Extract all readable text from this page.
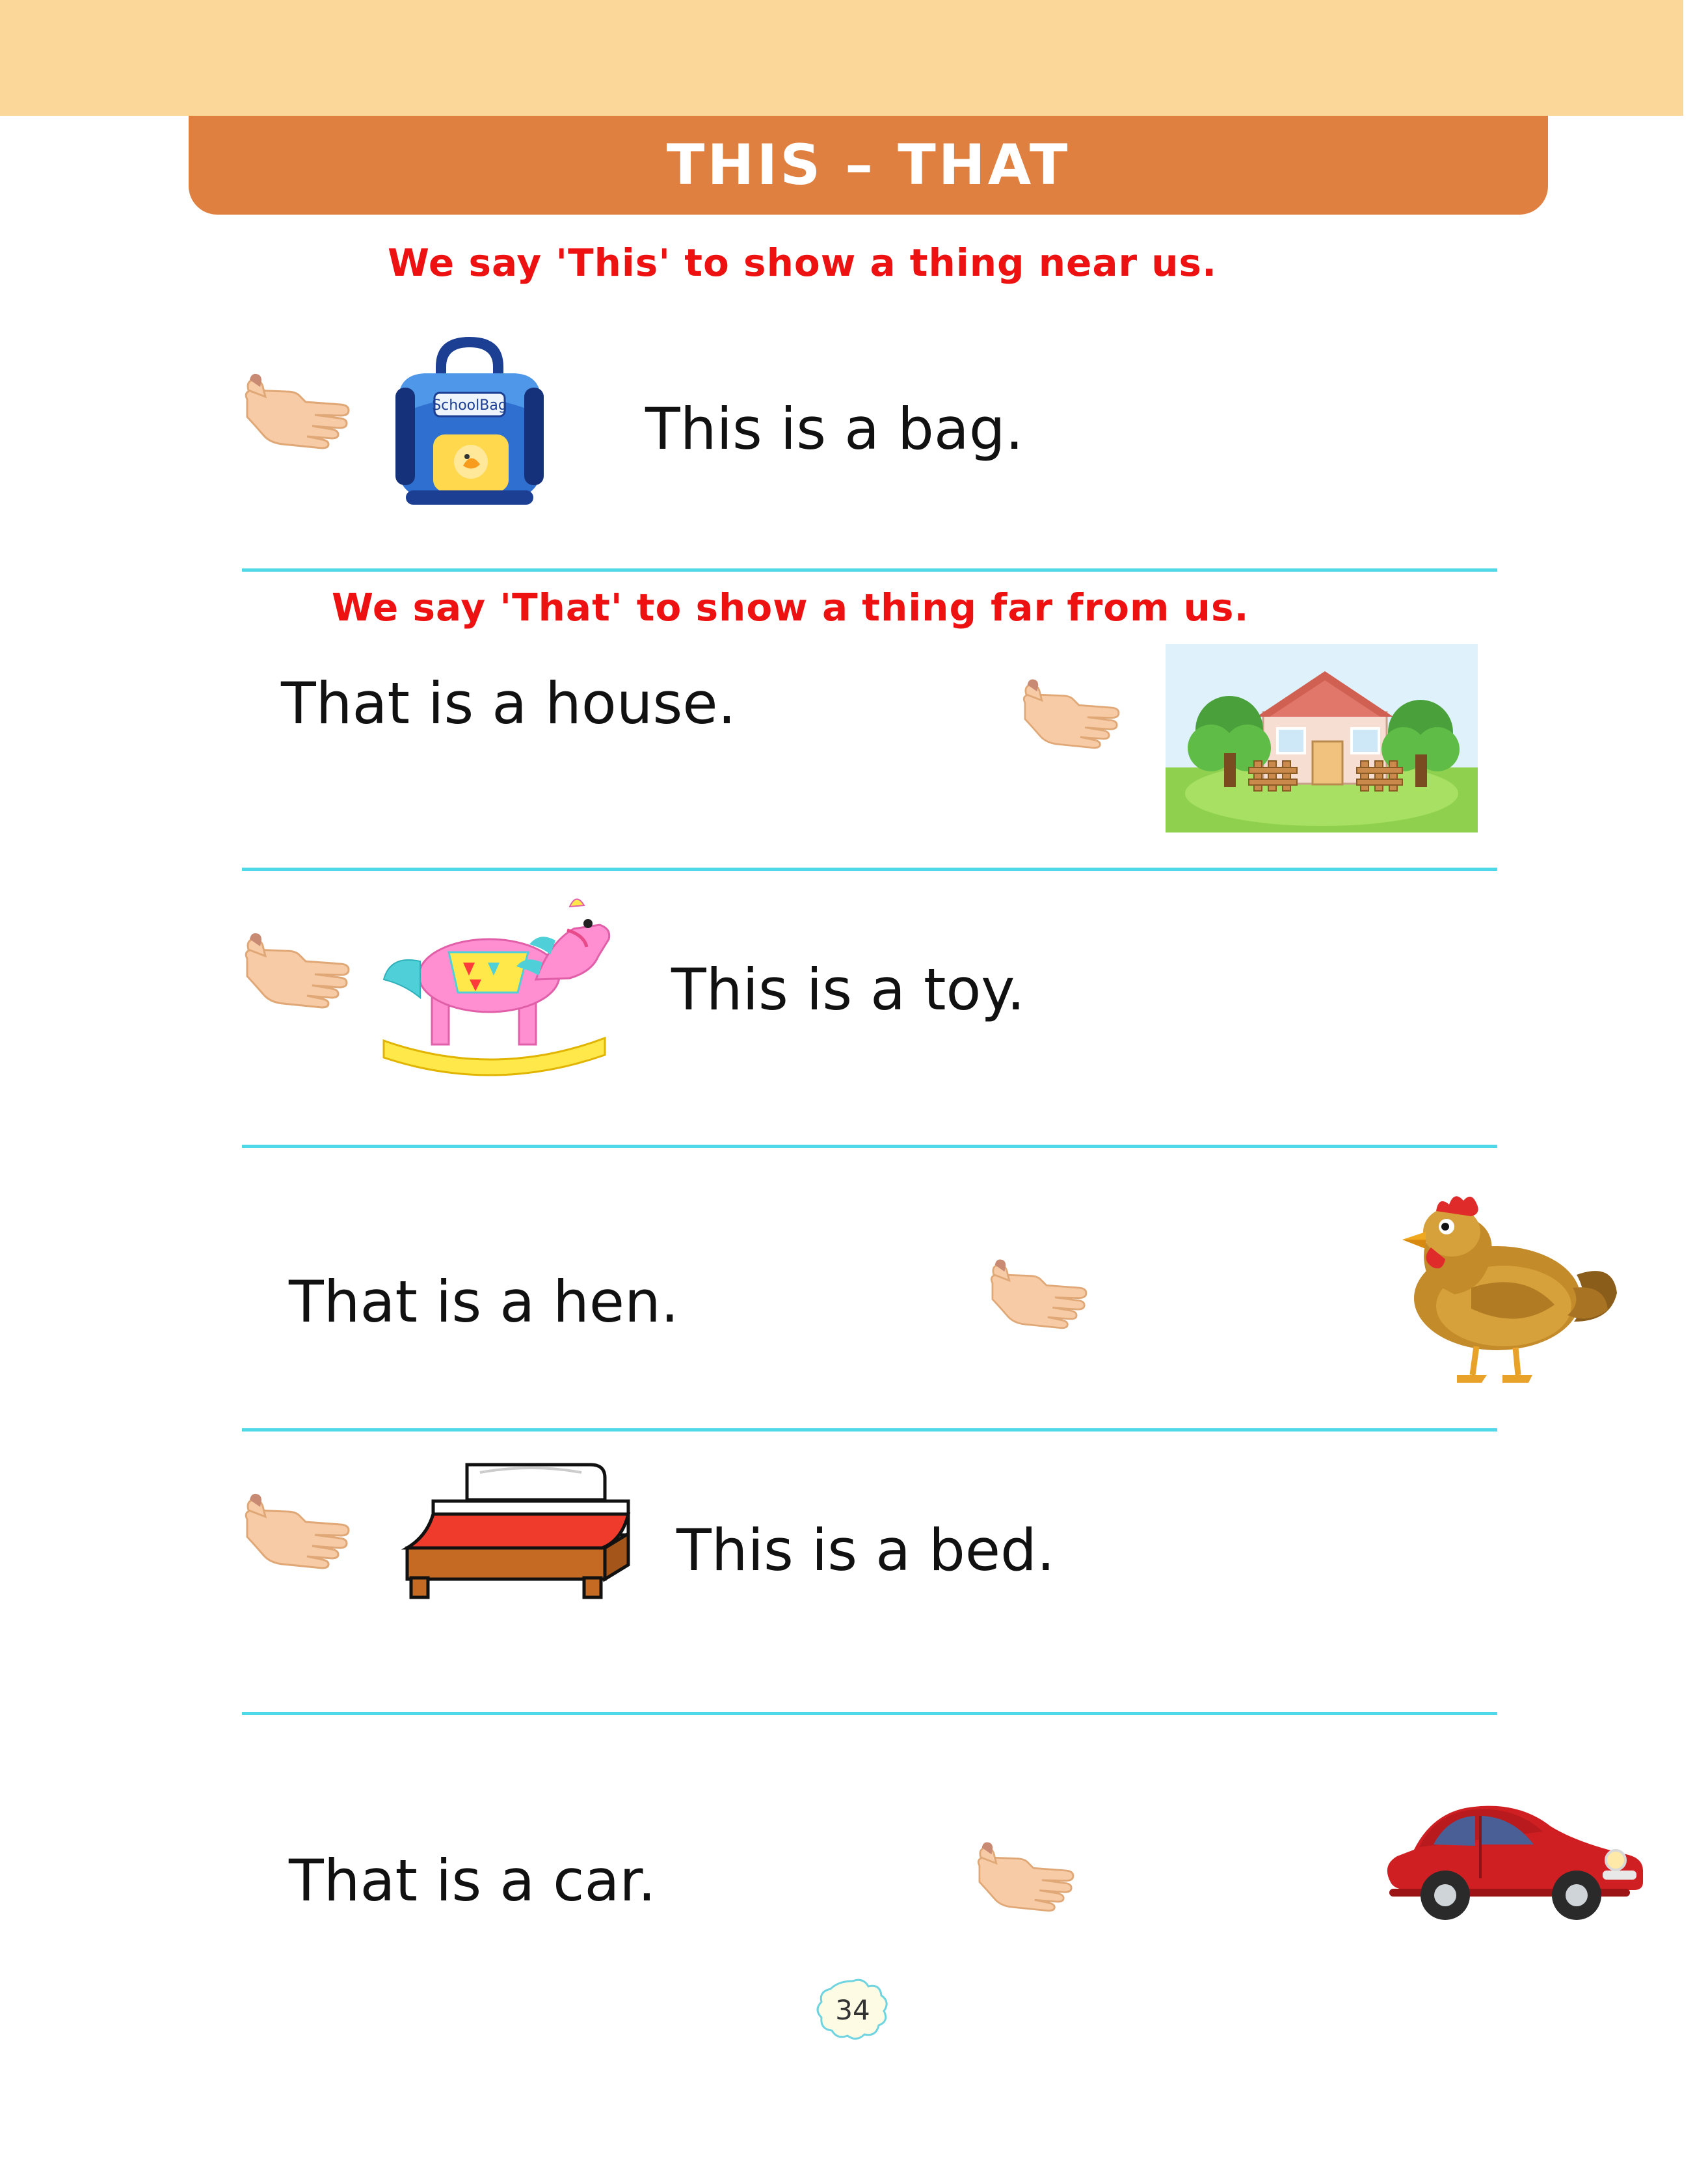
THIS – THAT
We say 'This' to show a thing near us.
SchoolBag This is a bag.
We say 'That' to show a thing far from us.
That is a house.
This is a toy.
That is a hen.
This is a bed.
That is a car.
34
